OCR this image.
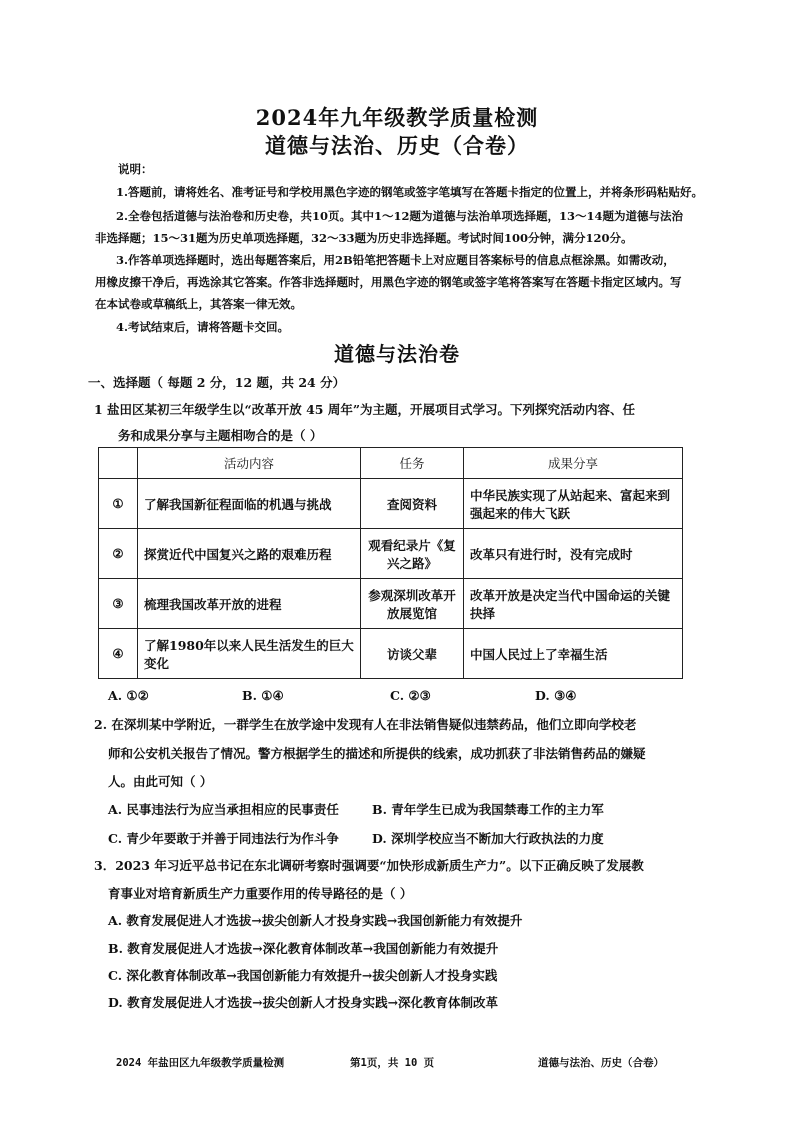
2024年九年级教学质量检测
道德与法治、历史（合卷）
说明：
1.答题前，请将姓名、准考证号和学校用黑色字迹的钢笔或签字笔填写在答题卡指定的位置上，并将条形码粘贴好。
2.全卷包括道德与法治卷和历史卷，共10页。其中1～12题为道德与法治单项选择题，13～14题为道德与法治
非选择题；15～31题为历史单项选择题，32～33题为历史非选择题。考试时间100分钟，满分120分。
3.作答单项选择题时，选出每题答案后，用2B铅笔把答题卡上对应题目答案标号的信息点框涂黑。如需改动，
用橡皮擦干净后，再选涂其它答案。作答非选择题时，用黑色字迹的钢笔或签字笔将答案写在答题卡指定区域内。写
在本试卷或草稿纸上，其答案一律无效。
4.考试结束后，请将答题卡交回。
道德与法治卷
一、选择题（ 每题 2 分，12 题，共 24 分）
1 盐田区某初三年级学生以“改革开放 45 周年”为主题，开展项目式学习。下列探究活动内容、任
务和成果分享与主题相吻合的是（ ）
	活动内容	任务	成果分享
①	了解我国新征程面临的机遇与挑战	查阅资料	中华民族实现了从站起来、富起来到强起来的伟大飞跃
②	探赏近代中国复兴之路的艰难历程	观看纪录片《复兴之路》	改革只有进行时，没有完成时
③	梳理我国改革开放的进程	参观深圳改革开放展览馆	改革开放是决定当代中国命运的关键抉择
④	了解1980年以来人民生活发生的巨大变化	访谈父辈	中国人民过上了幸福生活
A. ①②	B. ①④	C. ②③	D. ③④
2. 在深圳某中学附近，一群学生在放学途中发现有人在非法销售疑似违禁药品，他们立即向学校老
师和公安机关报告了情况。警方根据学生的描述和所提供的线索，成功抓获了非法销售药品的嫌疑
人。由此可知（ ）
A. 民事违法行为应当承担相应的民事责任	B. 青年学生已成为我国禁毒工作的主力军
C. 青少年要敢于并善于同违法行为作斗争	D. 深圳学校应当不断加大行政执法的力度
3．2023 年习近平总书记在东北调研考察时强调要“加快形成新质生产力”。以下正确反映了发展教
育事业对培育新质生产力重要作用的传导路径的是（ ）
A. 教育发展促进人才选拔→拔尖创新人才投身实践→我国创新能力有效提升
B. 教育发展促进人才选拔→深化教育体制改革→我国创新能力有效提升
C. 深化教育体制改革→我国创新能力有效提升→拔尖创新人才投身实践
D. 教育发展促进人才选拔→拔尖创新人才投身实践→深化教育体制改革
2024 年盐田区九年级教学质量检测	第1页，共 10 页	道德与法治、历史（合卷）
